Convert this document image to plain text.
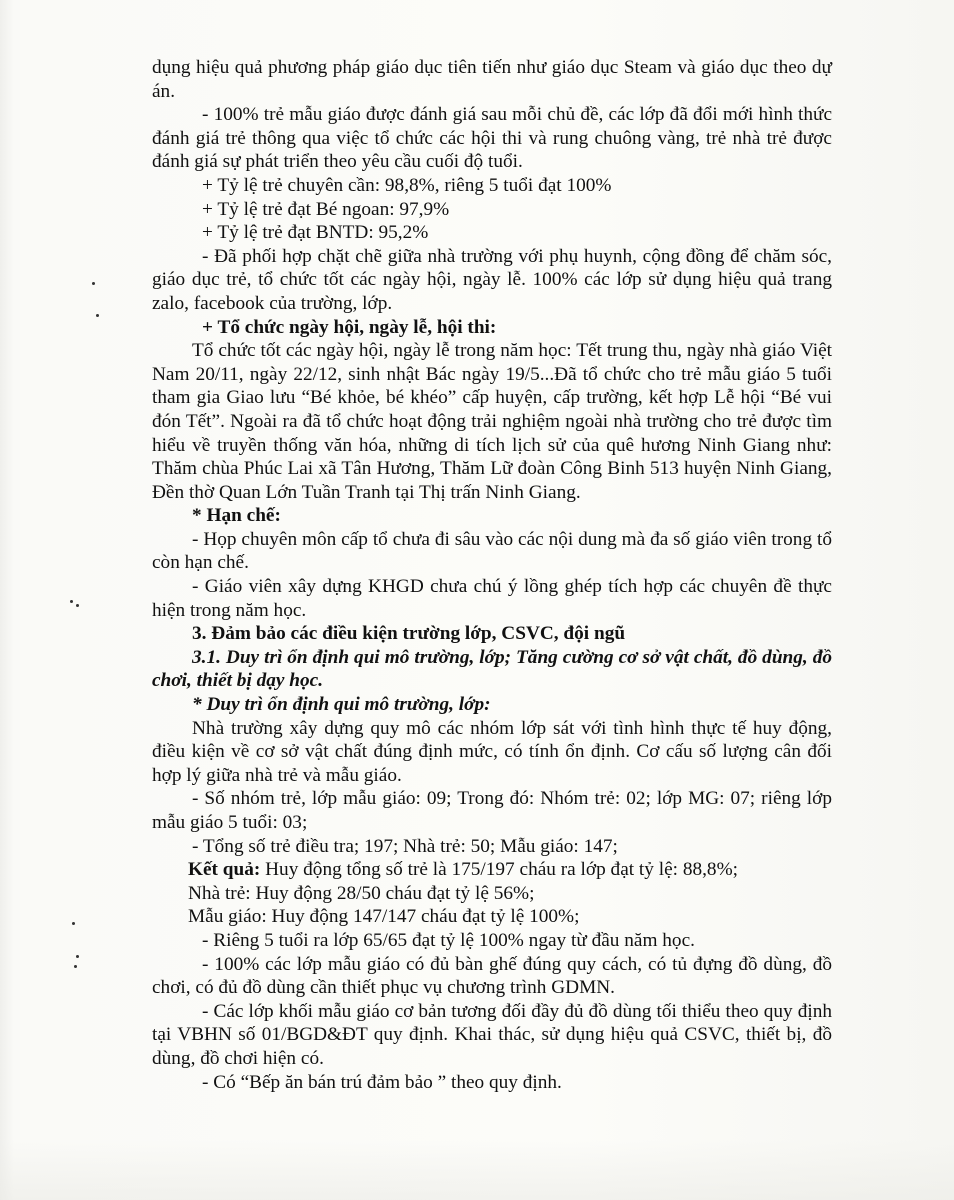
dụng hiệu quả phương pháp giáo dục tiên tiến như giáo dục Steam và giáo dục theo dự án.

- 100% trẻ mẫu giáo được đánh giá sau mỗi chủ đề, các lớp đã đổi mới hình thức đánh giá trẻ thông qua việc tổ chức các hội thi và rung chuông vàng, trẻ nhà trẻ được đánh giá sự phát triển theo yêu cầu cuối độ tuổi.

+ Tỷ lệ trẻ chuyên cần: 98,8%, riêng 5 tuổi đạt 100%

+ Tỷ lệ trẻ đạt Bé ngoan: 97,9%

+ Tỷ lệ trẻ đạt BNTD: 95,2%

- Đã phối hợp chặt chẽ giữa nhà trường với phụ huynh, cộng đồng để chăm sóc, giáo dục trẻ, tổ chức tốt các ngày hội, ngày lễ. 100% các lớp sử dụng hiệu quả trang zalo, facebook của trường, lớp.

+ Tổ chức ngày hội, ngày lễ, hội thi:

Tổ chức tốt các ngày hội, ngày lễ trong năm học: Tết trung thu, ngày nhà giáo Việt Nam 20/11, ngày 22/12, sinh nhật Bác ngày 19/5...Đã tổ chức cho trẻ mẫu giáo 5 tuổi tham gia Giao lưu “Bé khỏe, bé khéo” cấp huyện, cấp trường, kết hợp Lễ hội “Bé vui đón Tết”. Ngoài ra đã tổ chức hoạt động trải nghiệm ngoài nhà trường cho trẻ được tìm hiểu về truyền thống văn hóa, những di tích lịch sử của quê hương Ninh Giang như: Thăm chùa Phúc Lai xã Tân Hương, Thăm Lữ đoàn Công Binh 513 huyện Ninh Giang, Đền thờ Quan Lớn Tuần Tranh tại Thị trấn Ninh Giang.

* Hạn chế:

- Họp chuyên môn cấp tổ chưa đi sâu vào các nội dung mà đa số giáo viên trong tổ còn hạn chế.

- Giáo viên xây dựng KHGD chưa chú ý lồng ghép tích hợp các chuyên đề thực hiện trong năm học.

3. Đảm bảo các điều kiện trường lớp, CSVC, đội ngũ

3.1. Duy trì ổn định qui mô trường, lớp; Tăng cường cơ sở vật chất, đồ dùng, đồ chơi, thiết bị dạy học.

* Duy trì ổn định qui mô trường, lớp:

Nhà trường xây dựng quy mô các nhóm lớp sát với tình hình thực tế huy động, điều kiện về cơ sở vật chất đúng định mức, có tính ổn định. Cơ cấu số lượng cân đối hợp lý giữa nhà trẻ và mẫu giáo.

- Số nhóm trẻ, lớp mẫu giáo: 09; Trong đó: Nhóm trẻ: 02; lớp MG: 07; riêng lớp mẫu giáo 5 tuổi: 03;

- Tổng số trẻ điều tra; 197; Nhà trẻ: 50; Mẫu giáo: 147;

Kết quả: Huy động tổng số trẻ là 175/197 cháu ra lớp đạt tỷ lệ: 88,8%;

Nhà trẻ: Huy động 28/50 cháu đạt tỷ lệ 56%;

Mẫu giáo: Huy động 147/147 cháu đạt tỷ lệ 100%;

- Riêng 5 tuổi ra lớp 65/65 đạt tỷ lệ 100% ngay từ đầu năm học.

- 100% các lớp mẫu giáo có đủ bàn ghế đúng quy cách, có tủ đựng đồ dùng, đồ chơi, có đủ đồ dùng cần thiết phục vụ chương trình GDMN.

- Các lớp khối mẫu giáo cơ bản tương đối đầy đủ đồ dùng tối thiểu theo quy định tại VBHN số 01/BGD&ĐT quy định. Khai thác, sử dụng hiệu quả CSVC, thiết bị, đồ dùng, đồ chơi hiện có.

- Có “Bếp ăn bán trú đảm bảo ” theo quy định.
